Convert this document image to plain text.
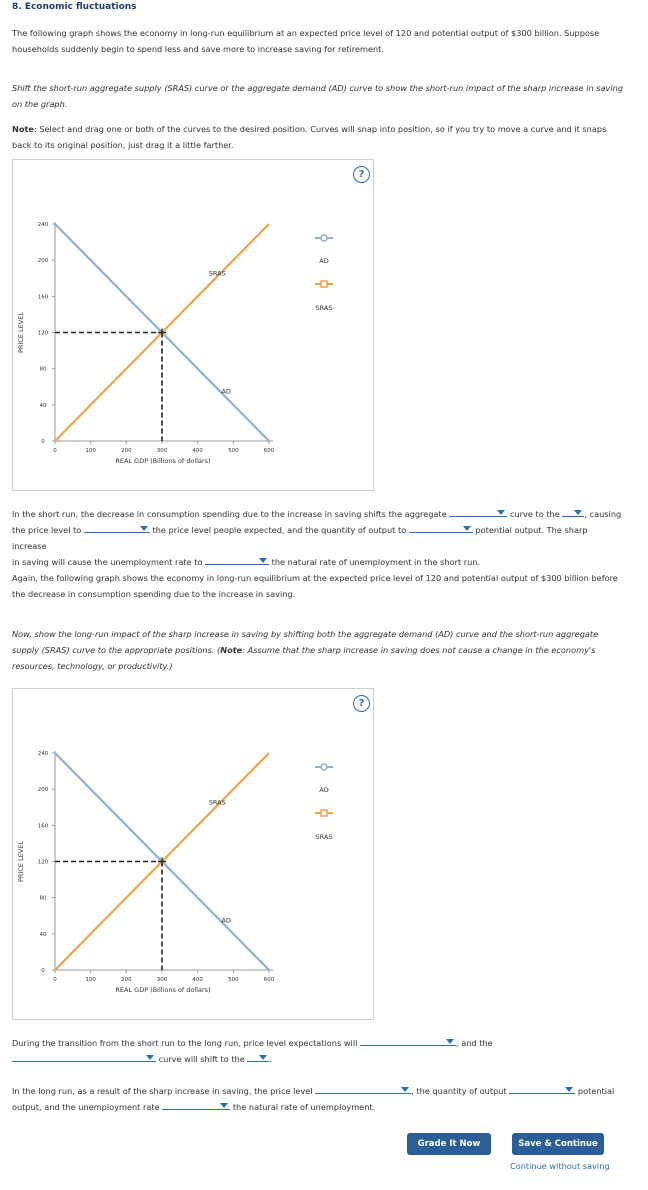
8. Economic fluctuations
The following graph shows the economy in long-run equilibrium at an expected price level of 120 and potential output of $300 billion. Suppose households suddenly begin to spend less and save more to increase saving for retirement.
Shift the short-run aggregate supply (SRAS) curve or the aggregate demand (AD) curve to show the short-run impact of the sharp increase in saving on the graph.
Note: Select and drag one or both of the curves to the desired position. Curves will snap into position, so if you try to move a curve and it snaps back to its original position, just drag it a little farther.
?
240
200
160
120
80
40
0
0	100	200	300	400	500	600
REAL GDP (Billions of dollars)
PRICE LEVEL
SRAS
AD
AD
SRAS
In the short run, the decrease in consumption spending due to the increase in saving shifts the aggregate	curve to the	, causing
the price level to	the price level people expected, and the quantity of output to	potential output. The sharp increase
in saving will cause the unemployment rate to	the natural rate of unemployment in the short run.
Again, the following graph shows the economy in long-run equilibrium at the expected price level of 120 and potential output of $300 billion before the decrease in consumption spending due to the increase in saving.
Now, show the long-run impact of the sharp increase in saving by shifting both the aggregate demand (AD) curve and the short-run aggregate supply (SRAS) curve to the appropriate positions. (Note: Assume that the sharp increase in saving does not cause a change in the economy's resources, technology, or productivity.)
?
240
200
160
120
80
40
0
0	100	200	300	400	500	600
REAL GDP (Billions of dollars)
PRICE LEVEL
SRAS
AD
AD
SRAS
During the transition from the short run to the long run, price level expectations will	, and the
curve will shift to the	.
In the long run, as a result of the sharp increase in saving, the price level	, the quantity of output	potential
output, and the unemployment rate	the natural rate of unemployment.
Grade It Now	Save & Continue
Continue without saving
